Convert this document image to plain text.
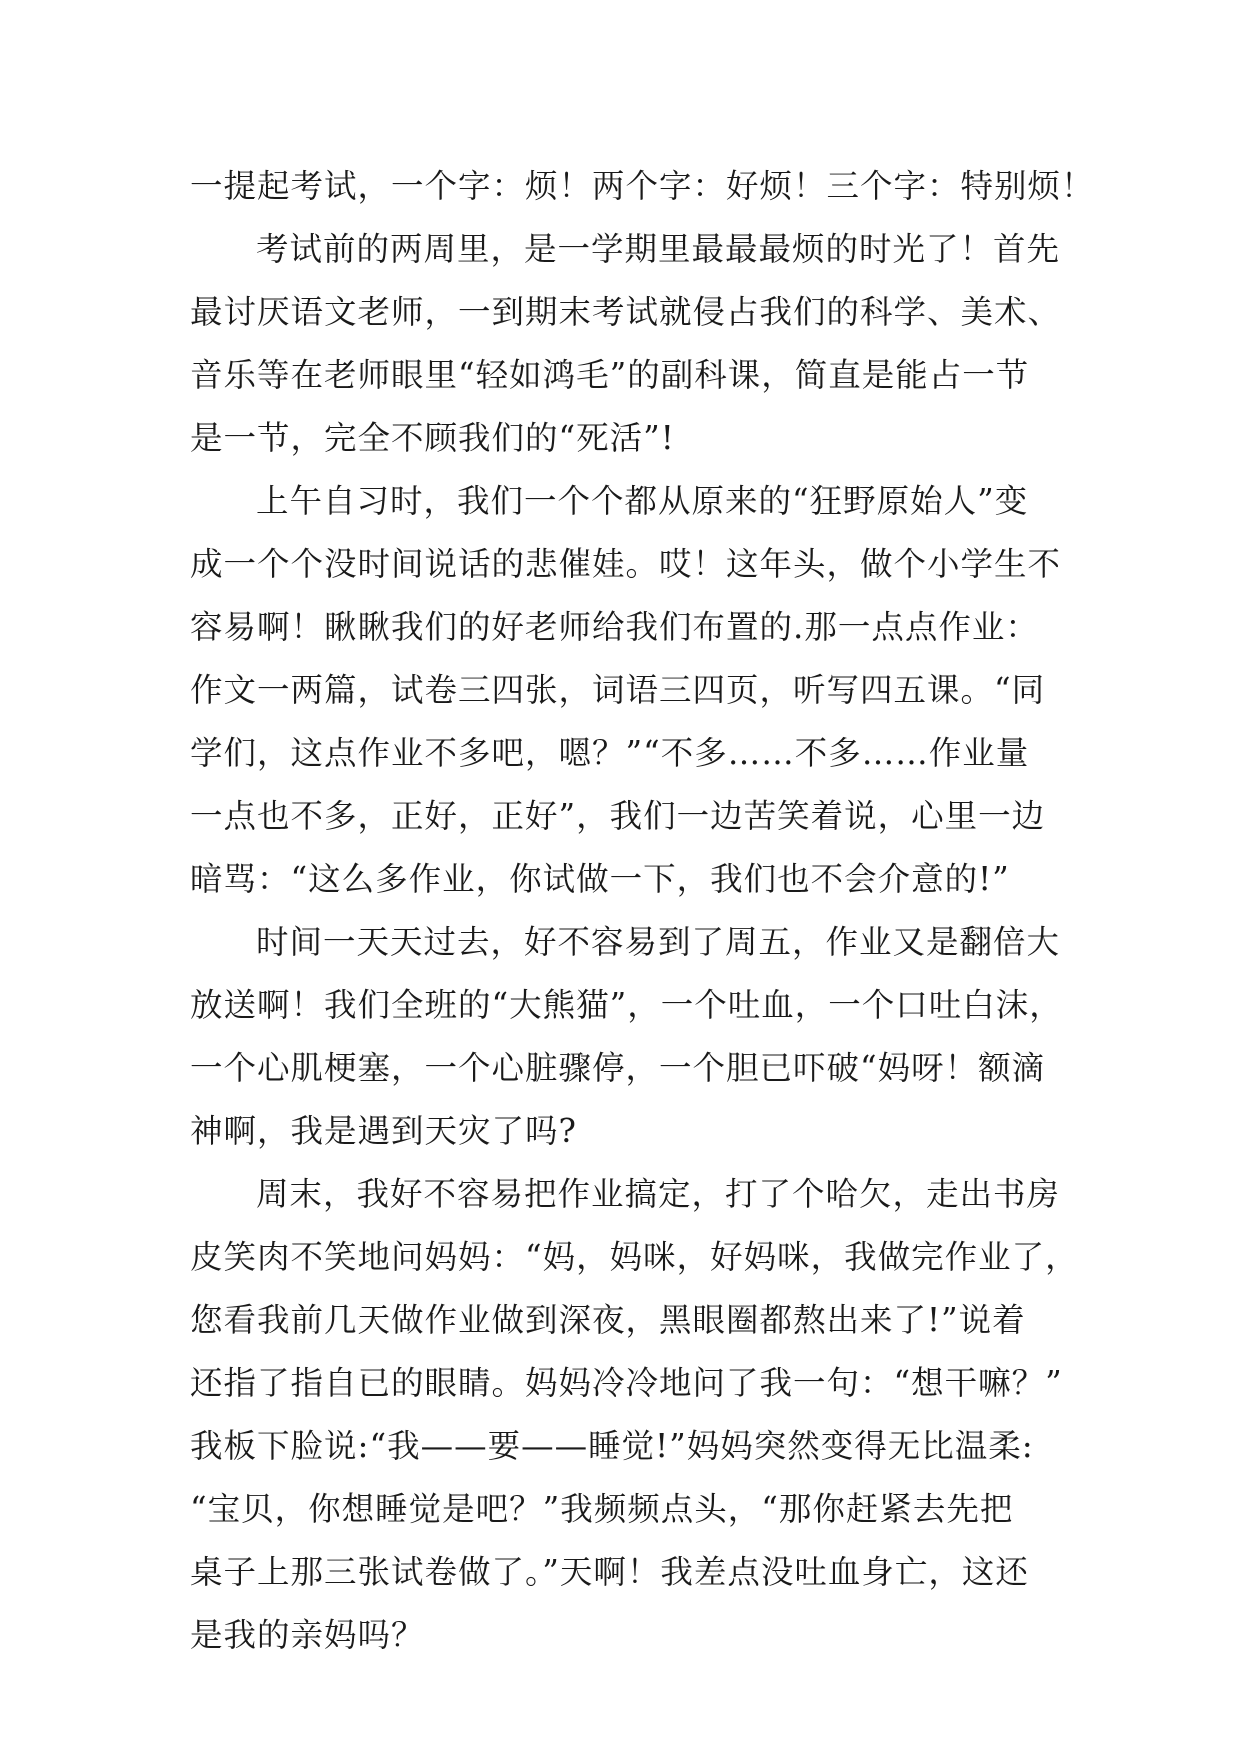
一提起考试，一个字：烦！两个字：好烦！三个字：特别烦！
考试前的两周里，是一学期里最最最烦的时光了！首先
最讨厌语文老师，一到期末考试就侵占我们的科学、美术、
音乐等在老师眼里“轻如鸿毛”的副科课，简直是能占一节
是一节，完全不顾我们的“死活”!
上午自习时，我们一个个都从原来的“狂野原始人”变
成一个个没时间说话的悲催娃。哎！这年头，做个小学生不
容易啊！瞅瞅我们的好老师给我们布置的.那一点点作业：
作文一两篇，试卷三四张，词语三四页，听写四五课。“同
学们，这点作业不多吧，嗯？”“不多……不多……作业量
一点也不多，正好，正好”，我们一边苦笑着说，心里一边
暗骂：“这么多作业，你试做一下，我们也不会介意的!”
时间一天天过去，好不容易到了周五，作业又是翻倍大
放送啊！我们全班的“大熊猫”，一个吐血，一个口吐白沫，
一个心肌梗塞，一个心脏骤停，一个胆已吓破“妈呀！额滴
神啊，我是遇到天灾了吗?
周末，我好不容易把作业搞定，打了个哈欠，走出书房
皮笑肉不笑地问妈妈：“妈，妈咪，好妈咪，我做完作业了，
您看我前几天做作业做到深夜，黑眼圈都熬出来了!”说着
还指了指自已的眼睛。妈妈冷冷地问了我一句：“想干嘛？”
我板下脸说:“我——要——睡觉!”妈妈突然变得无比温柔:
“宝贝，你想睡觉是吧？”我频频点头，“那你赶紧去先把
桌子上那三张试卷做了。”天啊！我差点没吐血身亡，这还
是我的亲妈吗？
